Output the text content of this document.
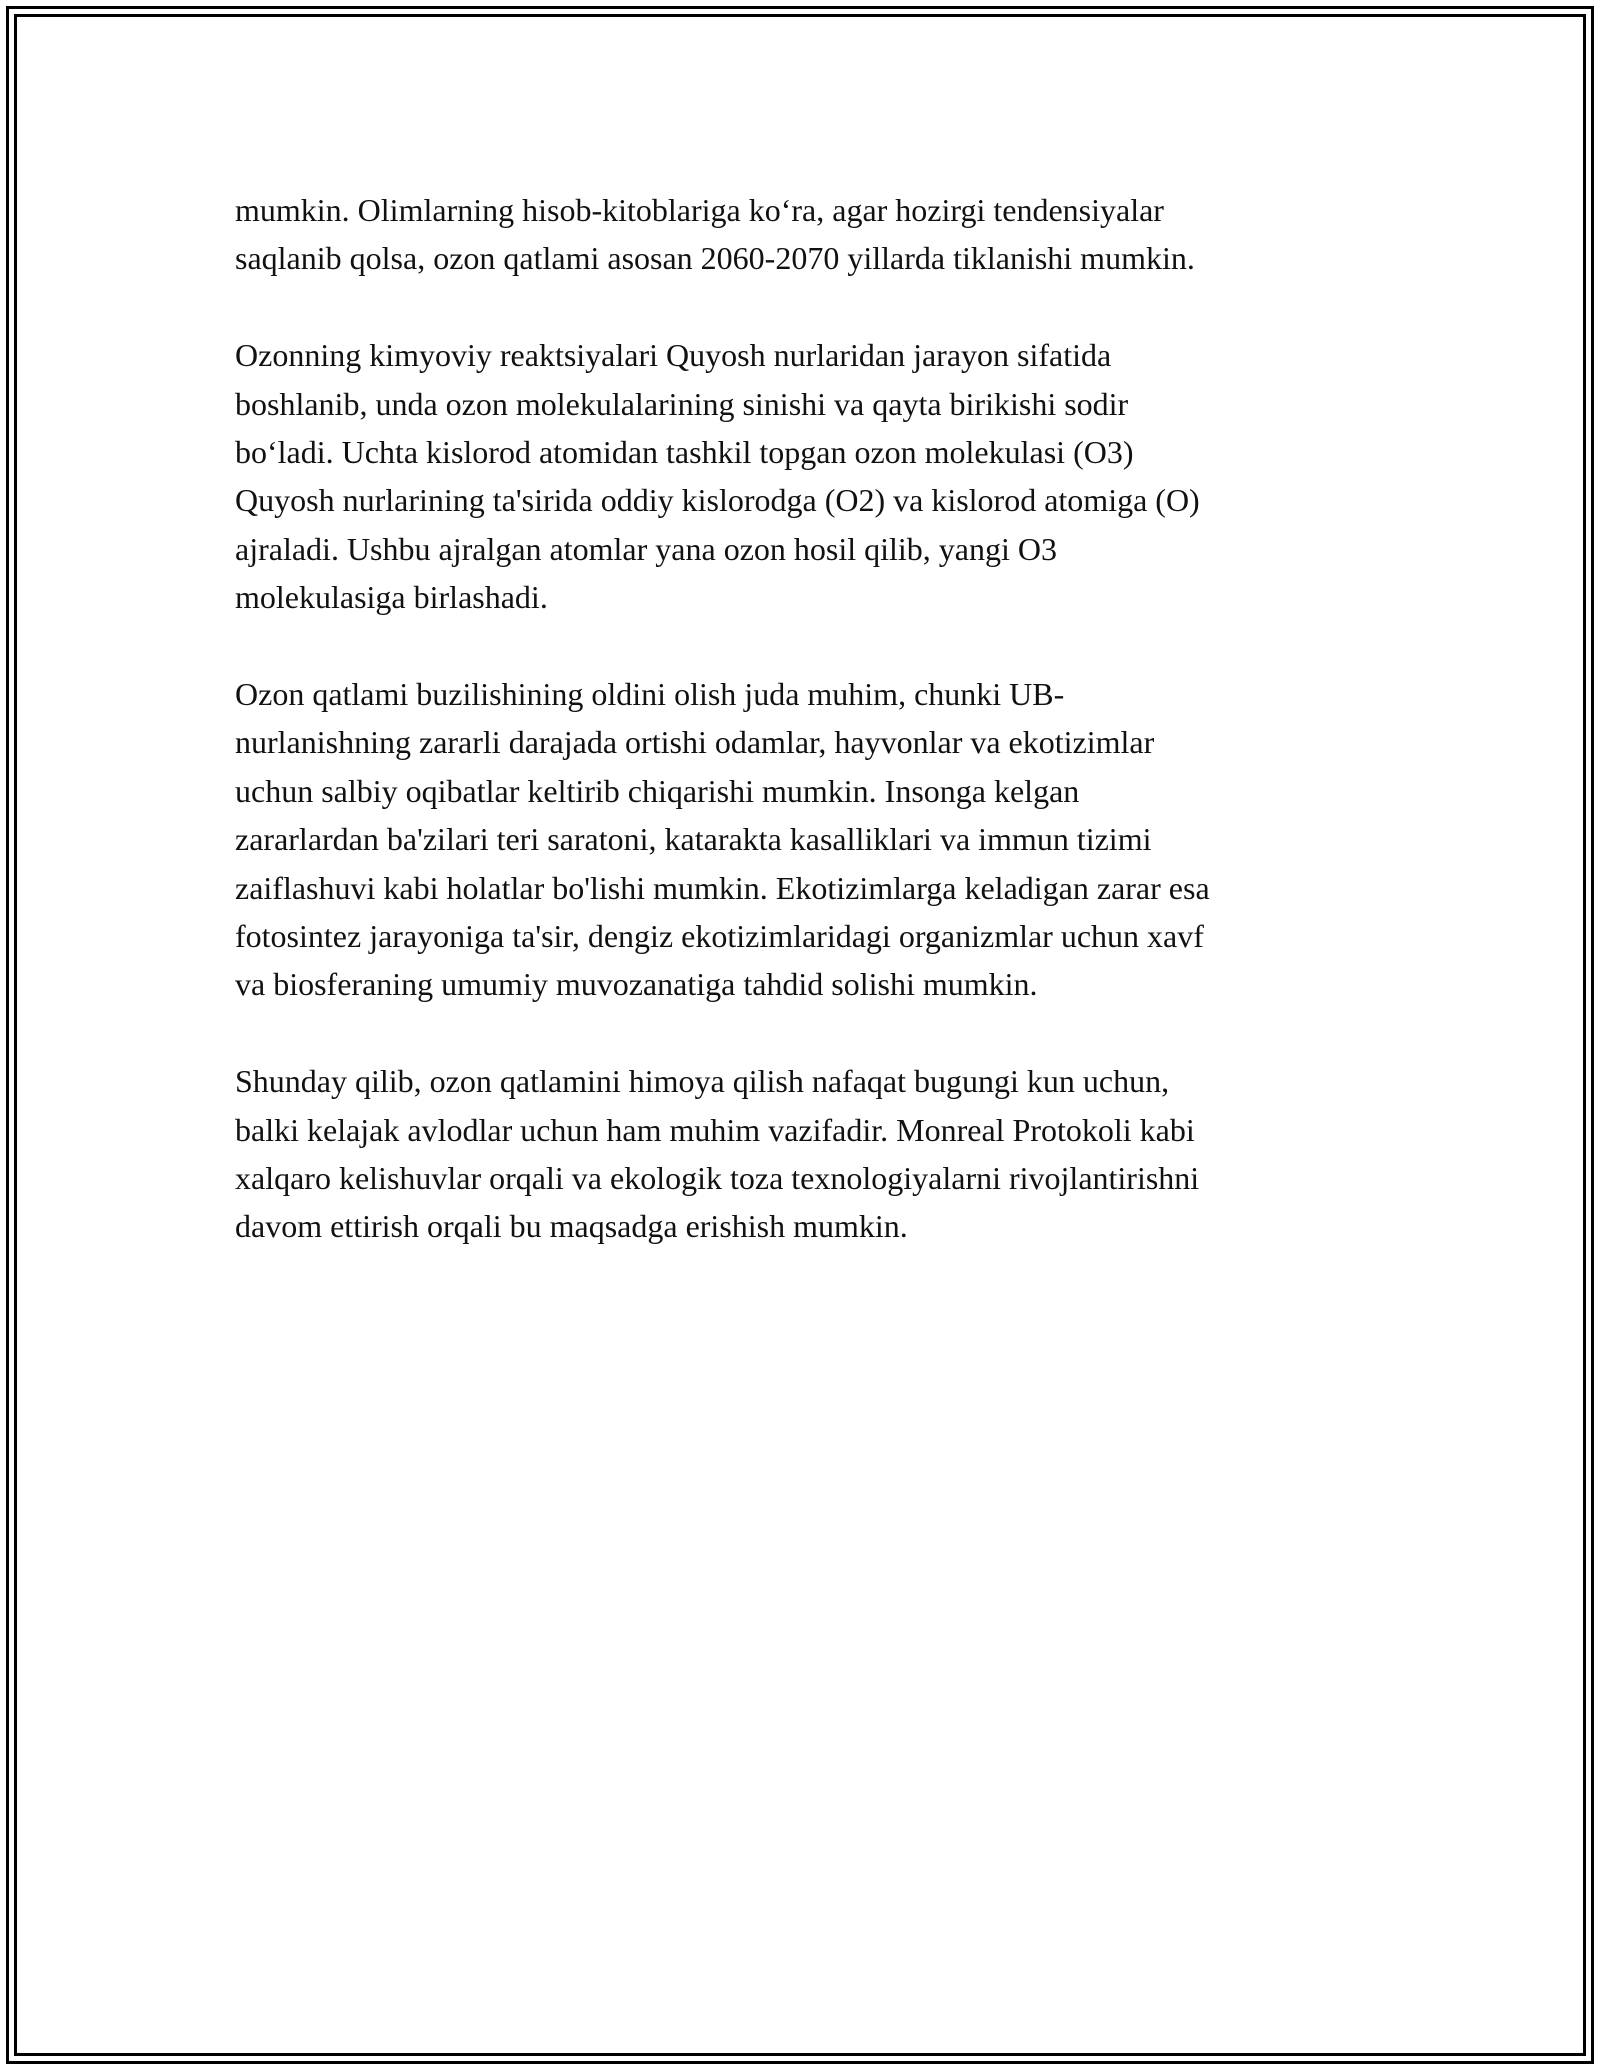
mumkin. Olimlarning hisob-kitoblariga ko‘ra, agar hozirgi tendensiyalar
saqlanib qolsa, ozon qatlami asosan 2060-2070 yillarda tiklanishi mumkin.

Ozonning kimyoviy reaktsiyalari Quyosh nurlaridan jarayon sifatida
boshlanib, unda ozon molekulalarining sinishi va qayta birikishi sodir
bo‘ladi. Uchta kislorod atomidan tashkil topgan ozon molekulasi (O3)
Quyosh nurlarining ta'sirida oddiy kislorodga (O2) va kislorod atomiga (O)
ajraladi. Ushbu ajralgan atomlar yana ozon hosil qilib, yangi O3
molekulasiga birlashadi.

Ozon qatlami buzilishining oldini olish juda muhim, chunki UB-
nurlanishning zararli darajada ortishi odamlar, hayvonlar va ekotizimlar
uchun salbiy oqibatlar keltirib chiqarishi mumkin. Insonga kelgan
zararlardan ba'zilari teri saratoni, katarakta kasalliklari va immun tizimi
zaiflashuvi kabi holatlar bo'lishi mumkin. Ekotizimlarga keladigan zarar esa
fotosintez jarayoniga ta'sir, dengiz ekotizimlaridagi organizmlar uchun xavf
va biosferaning umumiy muvozanatiga tahdid solishi mumkin.

Shunday qilib, ozon qatlamini himoya qilish nafaqat bugungi kun uchun,
balki kelajak avlodlar uchun ham muhim vazifadir. Monreal Protokoli kabi
xalqaro kelishuvlar orqali va ekologik toza texnologiyalarni rivojlantirishni
davom ettirish orqali bu maqsadga erishish mumkin.
